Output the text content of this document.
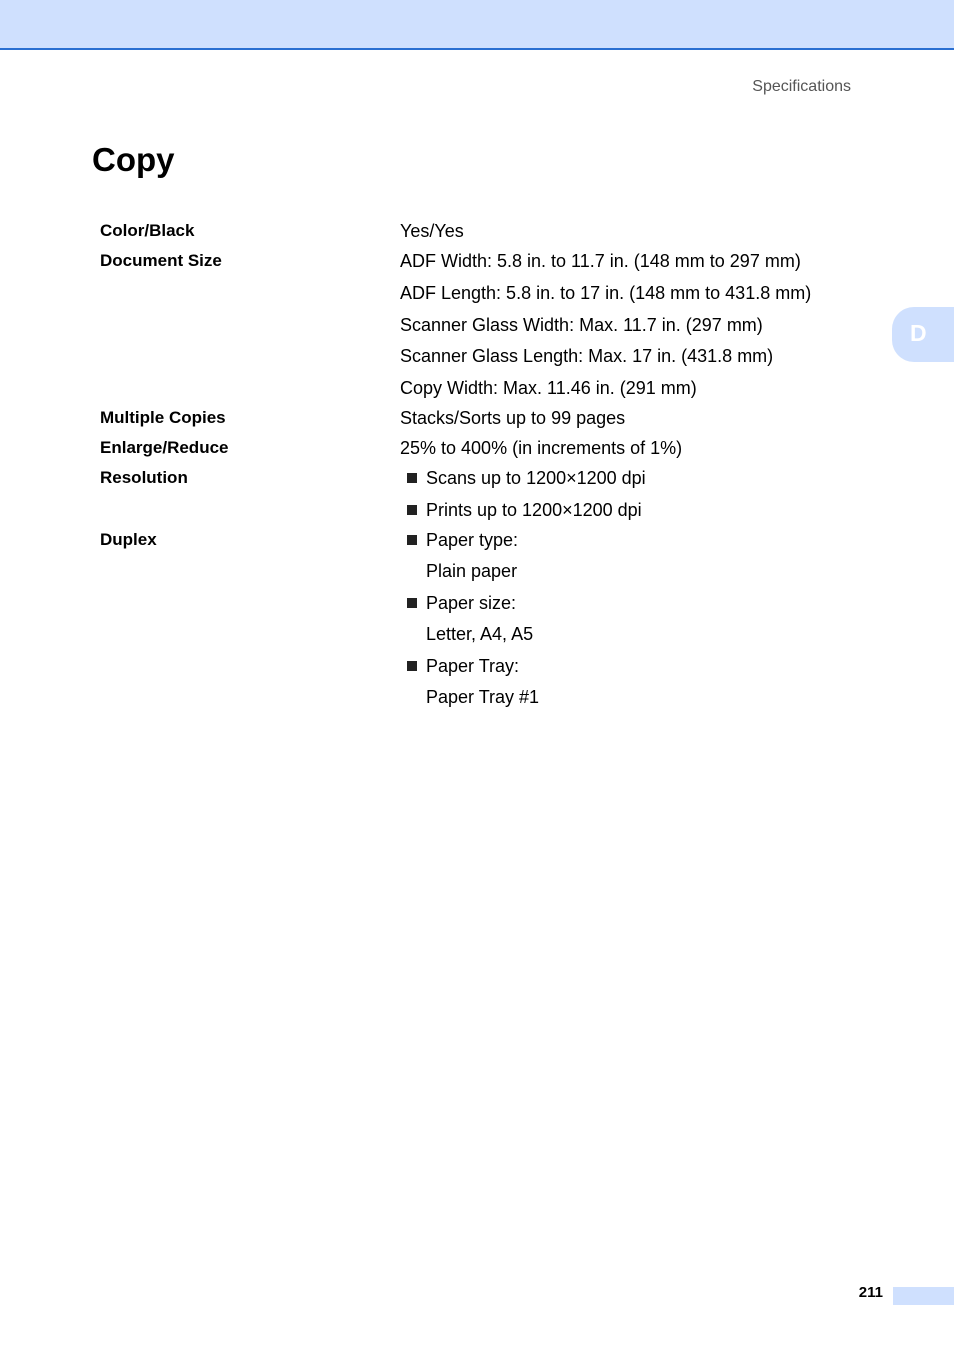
Specifications
Copy
D
Color/Black	Yes/Yes
Document Size	ADF Width: 5.8 in. to 11.7 in. (148 mm to 297 mm)
ADF Length: 5.8 in. to 17 in. (148 mm to 431.8 mm)
Scanner Glass Width: Max. 11.7 in. (297 mm)
Scanner Glass Length: Max. 17 in. (431.8 mm)
Copy Width: Max. 11.46 in. (291 mm)
Multiple Copies	Stacks/Sorts up to 99 pages
Enlarge/Reduce	25% to 400% (in increments of 1%)
Resolution	Scans up to 1200×1200 dpi
Prints up to 1200×1200 dpi
Duplex	Paper type:
Plain paper
Paper size:
Letter, A4, A5
Paper Tray:
Paper Tray #1
211
